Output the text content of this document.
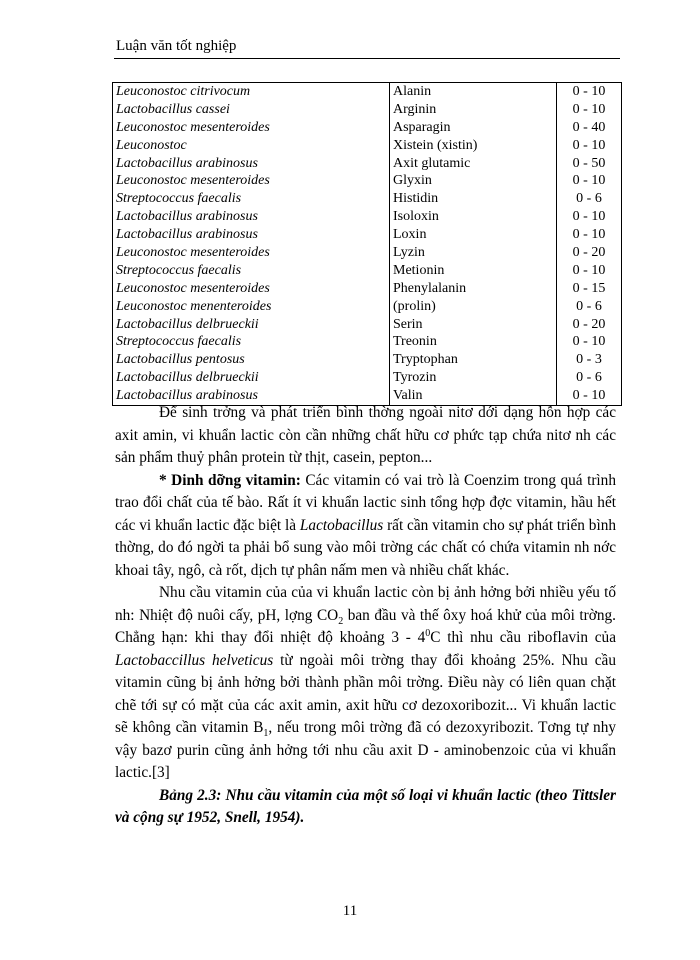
Luận văn tốt nghiệp
Leuconostoc citrivocum	Alanin	0 - 10
Lactobacillus cassei	Arginin	0 - 10
Leuconostoc mesenteroides	Asparagin	0 - 40
Leuconostoc	Xistein (xistin)	0 - 10
Lactobacillus arabinosus	Axit glutamic	0 - 50
Leuconostoc mesenteroides	Glyxin	0 - 10
Streptococcus faecalis	Histidin	0 - 6
Lactobacillus arabinosus	Isoloxin	0 - 10
Lactobacillus arabinosus	Loxin	0 - 10
Leuconostoc mesenteroides	Lyzin	0 - 20
Streptococcus faecalis	Metionin	0 - 10
Leuconostoc mesenteroides	Phenylalanin	0 - 15
Leuconostoc menenteroides	(prolin)	0 - 6
Lactobacillus delbrueckii	Serin	0 - 20
Streptococcus faecalis	Treonin	0 - 10
Lactobacillus pentosus	Tryptophan	0 - 3
Lactobacillus delbrueckii	Tyrozin	0 - 6
Lactobacillus arabinosus	Valin	0 - 10

Để sinh trởng và phát triển bình thờng ngoài nitơ dới dạng hỗn hợp các axit amin, vi khuẩn lactic còn cần những chất hữu cơ phức tạp chứa nitơ nh các sản phẩm thuỷ phân protein từ thịt, casein, pepton...

* Dinh dỡng vitamin: Các vitamin có vai trò là Coenzim trong quá trình trao đổi chất của tế bào. Rất ít vi khuẩn lactic sinh tổng hợp đợc vitamin, hầu hết các vi khuẩn lactic đặc biệt là Lactobacillus rất cần vitamin cho sự phát triển bình thờng, do đó ngời ta phải bổ sung vào môi trờng các chất có chứa vitamin nh nớc khoai tây, ngô, cà rốt, dịch tự phân nấm men và nhiều chất khác.

Nhu cầu vitamin của của vi khuẩn lactic còn bị ảnh hởng bởi nhiều yếu tố nh: Nhiệt độ nuôi cấy, pH, lợng $CO_2$ ban đầu và thế ôxy hoá khử của môi trờng. Chẳng hạn: khi thay đổi nhiệt độ khoảng $3 - 4^0C$ thì nhu cầu riboflavin của Lactobaccillus helveticus từ ngoài môi trờng thay đổi khoảng 25%. Nhu cầu vitamin cũng bị ảnh hởng bởi thành phần môi trờng. Điều này có liên quan chặt chẽ tới sự có mặt của các axit amin, axit hữu cơ dezoxoribozit... Vi khuẩn lactic sẽ không cần vitamin $B_1$, nếu trong môi trờng đã có dezoxyribozit. Tơng tự nhy vậy bazơ purin cũng ảnh hởng tới nhu cầu axit D - aminobenzoic của vi khuẩn lactic.[3]

Bảng 2.3: Nhu cầu vitamin của một số loại vi khuẩn lactic (theo Tittsler và cộng sự 1952, Snell, 1954).

11
